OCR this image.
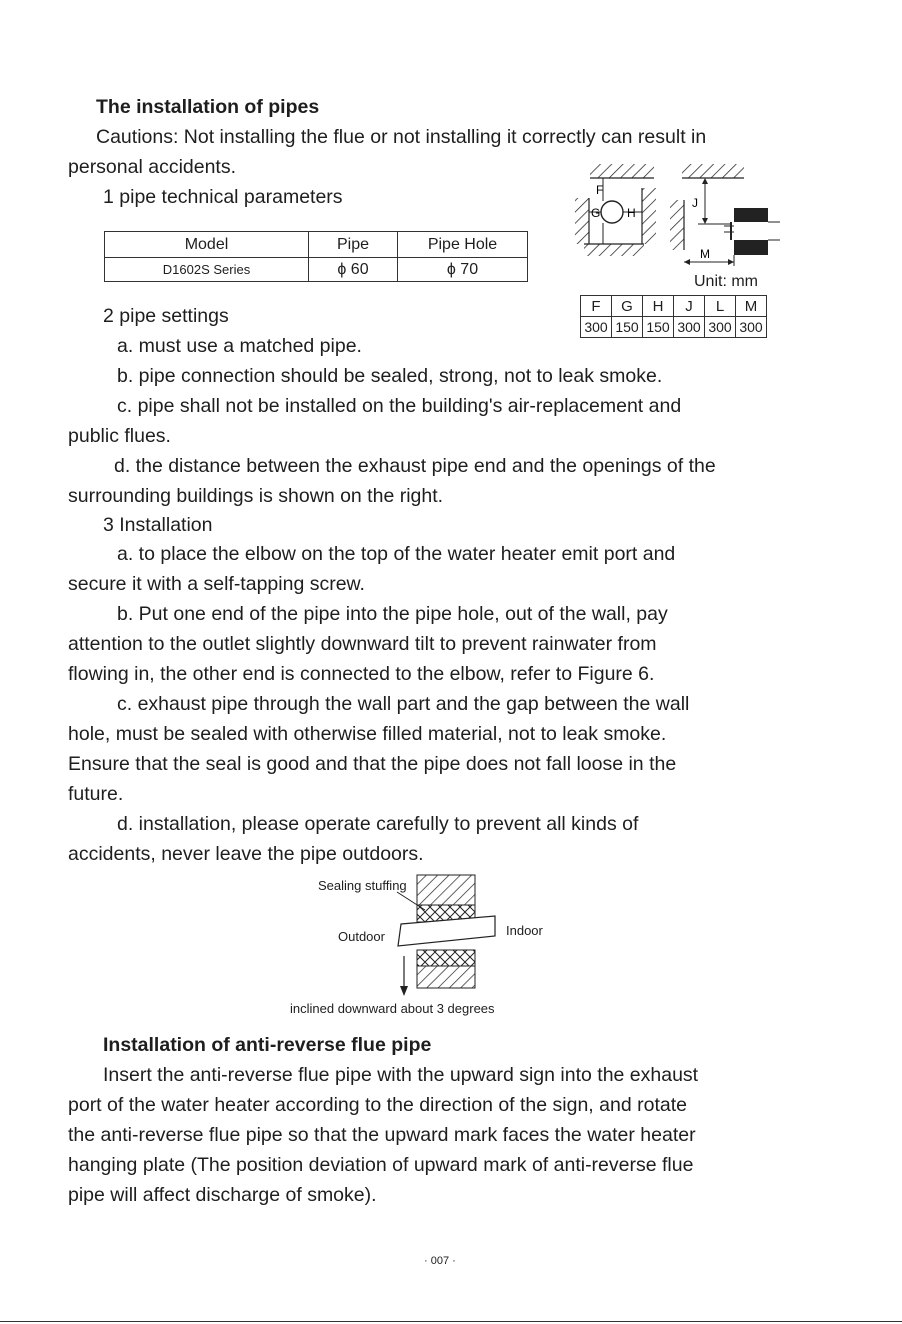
The installation of pipes
Cautions: Not installing the flue or not installing it correctly can result in
personal accidents.
1 pipe technical parameters
Model	Pipe	Pipe Hole
D1602S Series	ϕ 60	ϕ 70
F
G H
J
M
Unit: mm
F	G	H	J	L	M
300	150	150	300	300	300
2 pipe settings
a. must use a matched pipe.
b. pipe connection should be sealed, strong, not to leak smoke.
c. pipe shall not be installed on the building's air-replacement and
public flues.
d. the distance between the exhaust pipe end and the openings of the
surrounding buildings is shown on the right.
3 Installation
a. to place the elbow on the top of the water heater emit port and
secure it with a self-tapping screw.
b. Put one end of the pipe into the pipe hole, out of the wall, pay
attention to the outlet slightly downward tilt to prevent rainwater from
flowing in, the other end is connected to the elbow, refer to Figure 6.
c. exhaust pipe through the wall part and the gap between the wall
hole, must be sealed with otherwise filled material, not to leak smoke.
Ensure that the seal is good and that the pipe does not fall loose in the
future.
d. installation, please operate carefully to prevent all kinds of
accidents, never leave the pipe outdoors.
Sealing stuffing
Outdoor	Indoor
inclined downward about 3 degrees
Installation of anti-reverse flue pipe
Insert the anti-reverse flue pipe with the upward sign into the exhaust
port of the water heater according to the direction of the sign, and rotate
the anti-reverse flue pipe so that the upward mark faces the water heater
hanging plate (The position deviation of upward mark of anti-reverse flue
pipe will affect discharge of smoke).
· 007 ·
